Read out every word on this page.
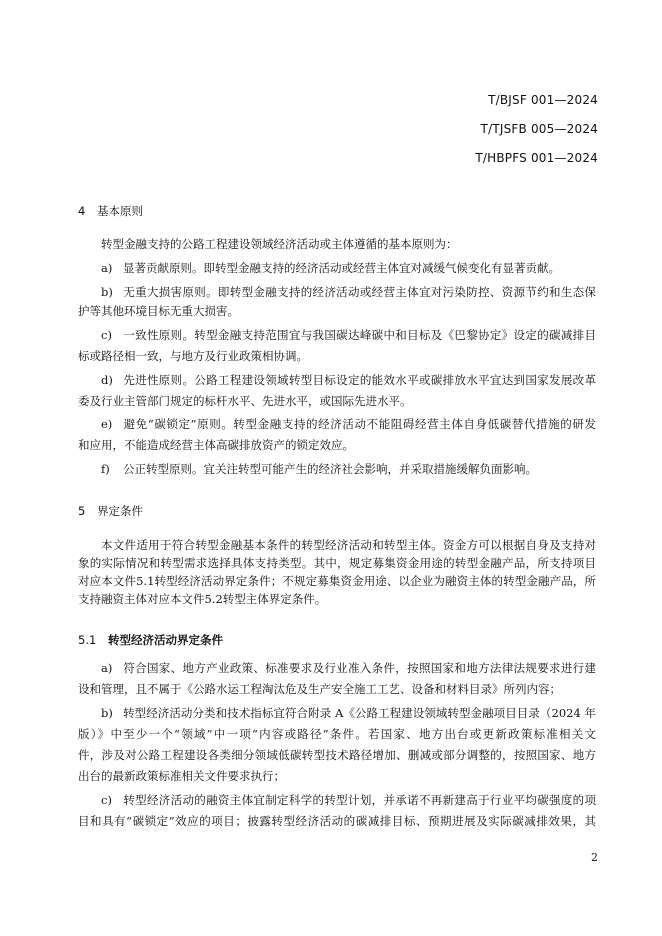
T/BJSF 001—2024
T/TJSFB 005—2024
T/HBPFS 001—2024
4 基本原则
转型金融支持的公路工程建设领域经济活动或主体遵循的基本原则为：
a) 显著贡献原则。即转型金融支持的经济活动或经营主体宜对减缓气候变化有显著贡献。
b) 无重大损害原则。即转型金融支持的经济活动或经营主体宜对污染防控、资源节约和生态保
护等其他环境目标无重大损害。
c) 一致性原则。转型金融支持范围宜与我国碳达峰碳中和目标及《巴黎协定》设定的碳减排目
标或路径相一致，与地方及行业政策相协调。
d) 先进性原则。公路工程建设领域转型目标设定的能效水平或碳排放水平宜达到国家发展改革
委及行业主管部门规定的标杆水平、先进水平，或国际先进水平。
e) 避免“碳锁定”原则。转型金融支持的经济活动不能阻碍经营主体自身低碳替代措施的研发
和应用，不能造成经营主体高碳排放资产的锁定效应。
f) 公正转型原则。宜关注转型可能产生的经济社会影响，并采取措施缓解负面影响。
5 界定条件
本文件适用于符合转型金融基本条件的转型经济活动和转型主体。资金方可以根据自身及支持对
象的实际情况和转型需求选择具体支持类型。其中，规定募集资金用途的转型金融产品，所支持项目
对应本文件5.1转型经济活动界定条件；不规定募集资金用途、以企业为融资主体的转型金融产品，所
支持融资主体对应本文件5.2转型主体界定条件。
5.1 转型经济活动界定条件
a) 符合国家、地方产业政策、标准要求及行业准入条件，按照国家和地方法律法规要求进行建
设和管理，且不属于《公路水运工程淘汰危及生产安全施工工艺、设备和材料目录》所列内容；
b) 转型经济活动分类和技术指标宜符合附录 A《公路工程建设领域转型金融项目目录（2024 年
版）》中至少一个“领域”中一项“内容或路径”条件。若国家、地方出台或更新政策标准相关文
件，涉及对公路工程建设各类细分领域低碳转型技术路径增加、删减或部分调整的，按照国家、地方
出台的最新政策标准相关文件要求执行；
c) 转型经济活动的融资主体宜制定科学的转型计划，并承诺不再新建高于行业平均碳强度的项
目和具有“碳锁定”效应的项目；披露转型经济活动的碳减排目标、预期进展及实际碳减排效果，其
2
